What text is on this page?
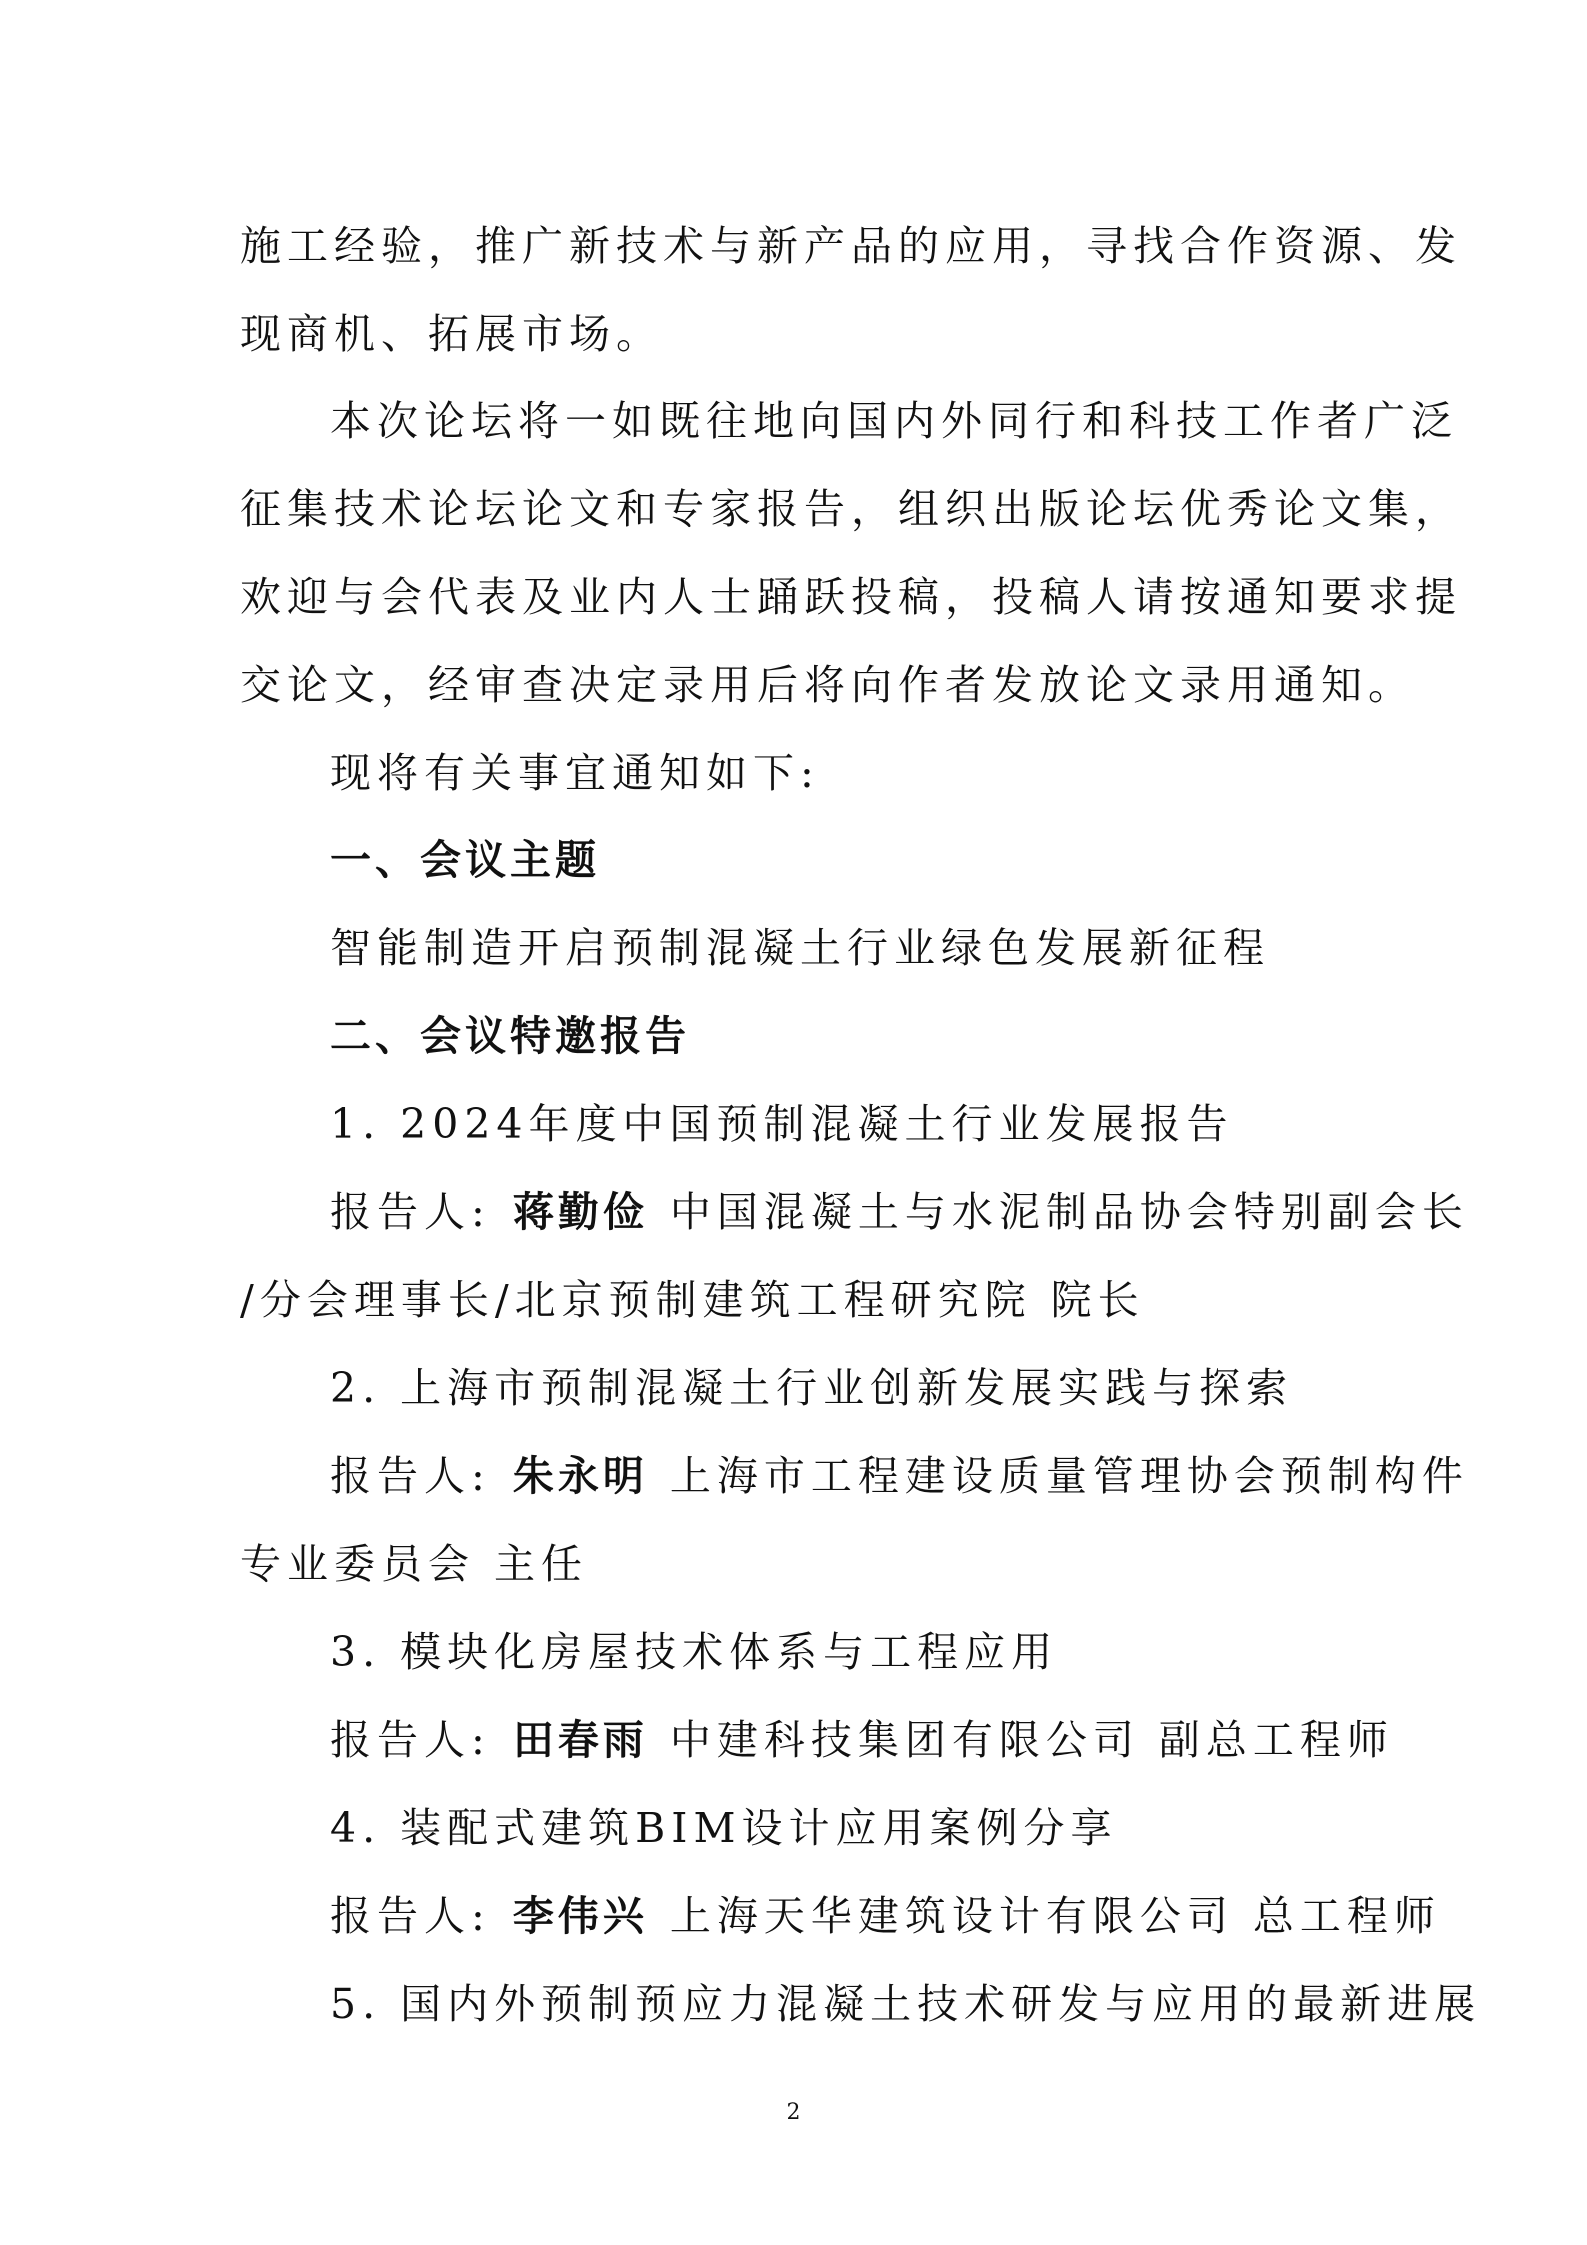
施工经验，推广新技术与新产品的应用，寻找合作资源、发
现商机、拓展市场。
本次论坛将一如既往地向国内外同行和科技工作者广泛
征集技术论坛论文和专家报告，组织出版论坛优秀论文集，
欢迎与会代表及业内人士踊跃投稿，投稿人请按通知要求提
交论文，经审查决定录用后将向作者发放论文录用通知。
现将有关事宜通知如下:
一、会议主题
智能制造开启预制混凝土行业绿色发展新征程
二、会议特邀报告
1. 2024年度中国预制混凝土行业发展报告
报告人: 蒋勤俭 中国混凝土与水泥制品协会特别副会长
/分会理事长/北京预制建筑工程研究院 院长
2. 上海市预制混凝土行业创新发展实践与探索
报告人: 朱永明 上海市工程建设质量管理协会预制构件
专业委员会 主任
3. 模块化房屋技术体系与工程应用
报告人: 田春雨 中建科技集团有限公司 副总工程师
4. 装配式建筑BIM设计应用案例分享
报告人: 李伟兴 上海天华建筑设计有限公司 总工程师
5. 国内外预制预应力混凝土技术研发与应用的最新进展
2
